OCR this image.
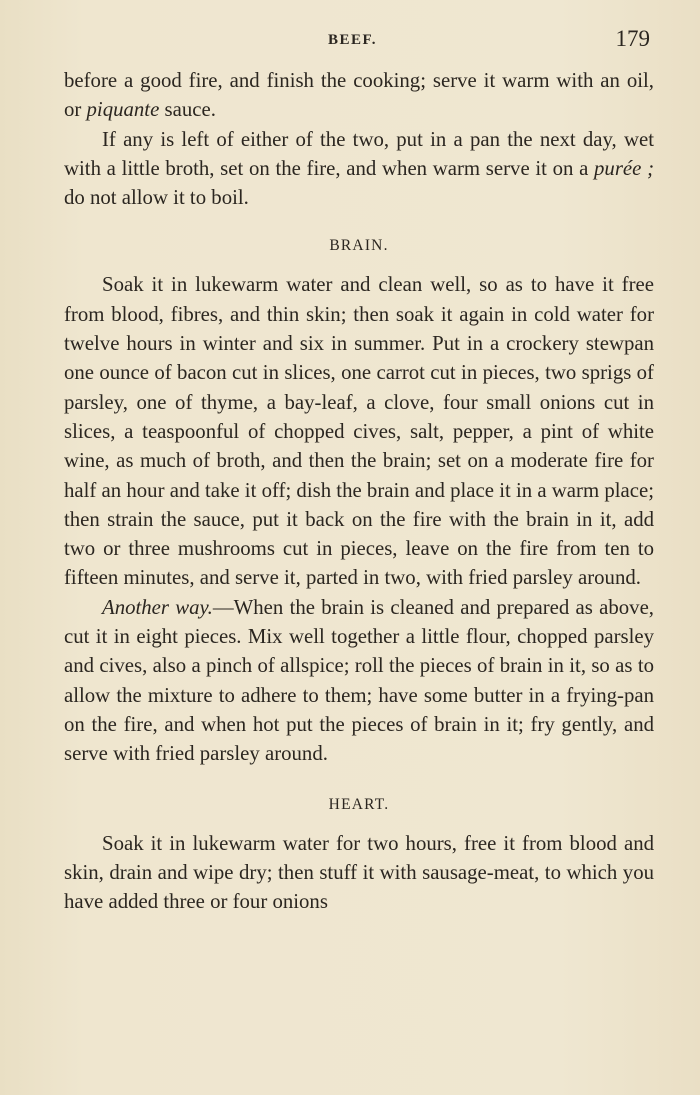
BEEF.	179

before a good fire, and finish the cooking; serve it warm with an oil, or piquante sauce.

If any is left of either of the two, put in a pan the next day, wet with a little broth, set on the fire, and when warm serve it on a purée ; do not allow it to boil.

BRAIN.

Soak it in lukewarm water and clean well, so as to have it free from blood, fibres, and thin skin; then soak it again in cold water for twelve hours in winter and six in summer. Put in a crockery stewpan one ounce of bacon cut in slices, one carrot cut in pieces, two sprigs of parsley, one of thyme, a bay-leaf, a clove, four small onions cut in slices, a teaspoonful of chopped cives, salt, pepper, a pint of white wine, as much of broth, and then the brain; set on a moderate fire for half an hour and take it off; dish the brain and place it in a warm place; then strain the sauce, put it back on the fire with the brain in it, add two or three mushrooms cut in pieces, leave on the fire from ten to fifteen minutes, and serve it, parted in two, with fried parsley around.

Another way.—When the brain is cleaned and prepared as above, cut it in eight pieces. Mix well together a little flour, chopped parsley and cives, also a pinch of allspice; roll the pieces of brain in it, so as to allow the mixture to adhere to them; have some butter in a frying-pan on the fire, and when hot put the pieces of brain in it; fry gently, and serve with fried parsley around.

HEART.

Soak it in lukewarm water for two hours, free it from blood and skin, drain and wipe dry; then stuff it with sausage-meat, to which you have added three or four onions
